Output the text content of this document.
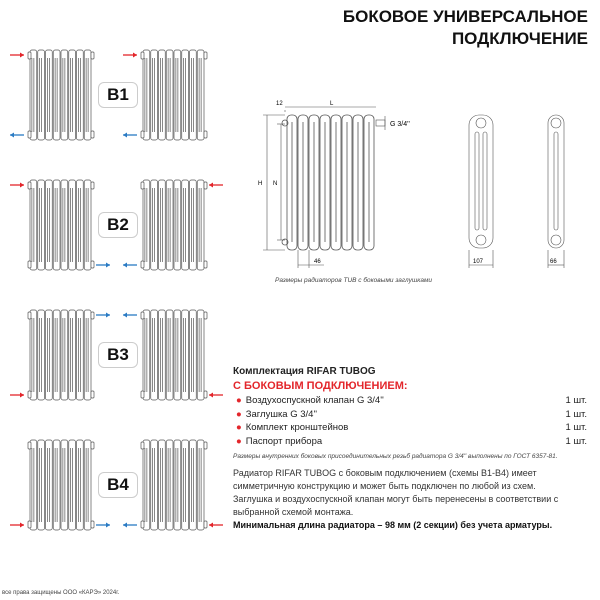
БОКОВОЕ УНИВЕРСАЛЬНОЕ
ПОДКЛЮЧЕНИЕ
B1
B2
B3
B4
12	L
H N
46
G 3/4''
107	66
Размеры радиаторов TUB с боковыми заглушками
Комплектация RIFAR TUBOG
С БОКОВЫМ ПОДКЛЮЧЕНИЕМ:
● Воздухоспускной клапан G 3/4''	1 шт.
● Заглушка G 3/4''	1 шт.
● Комплект кронштейнов	1 шт.
● Паспорт прибора	1 шт.
Размеры внутренних боковых присоединительных резьб радиатора G 3/4'' выполнены по ГОСТ 6357-81.
Радиатор RIFAR TUBOG с боковым подключением (схемы В1-В4) имеет симметричную конструкцию и может быть подключен по любой из схем.
Заглушка и воздухоспускной клапан могут быть перенесены в соответствии с выбранной схемой монтажа.
Минимальная длина радиатора – 98 мм (2 секции) без учета арматуры.
все права защищены ООО «КАРЭ» 2024г.
